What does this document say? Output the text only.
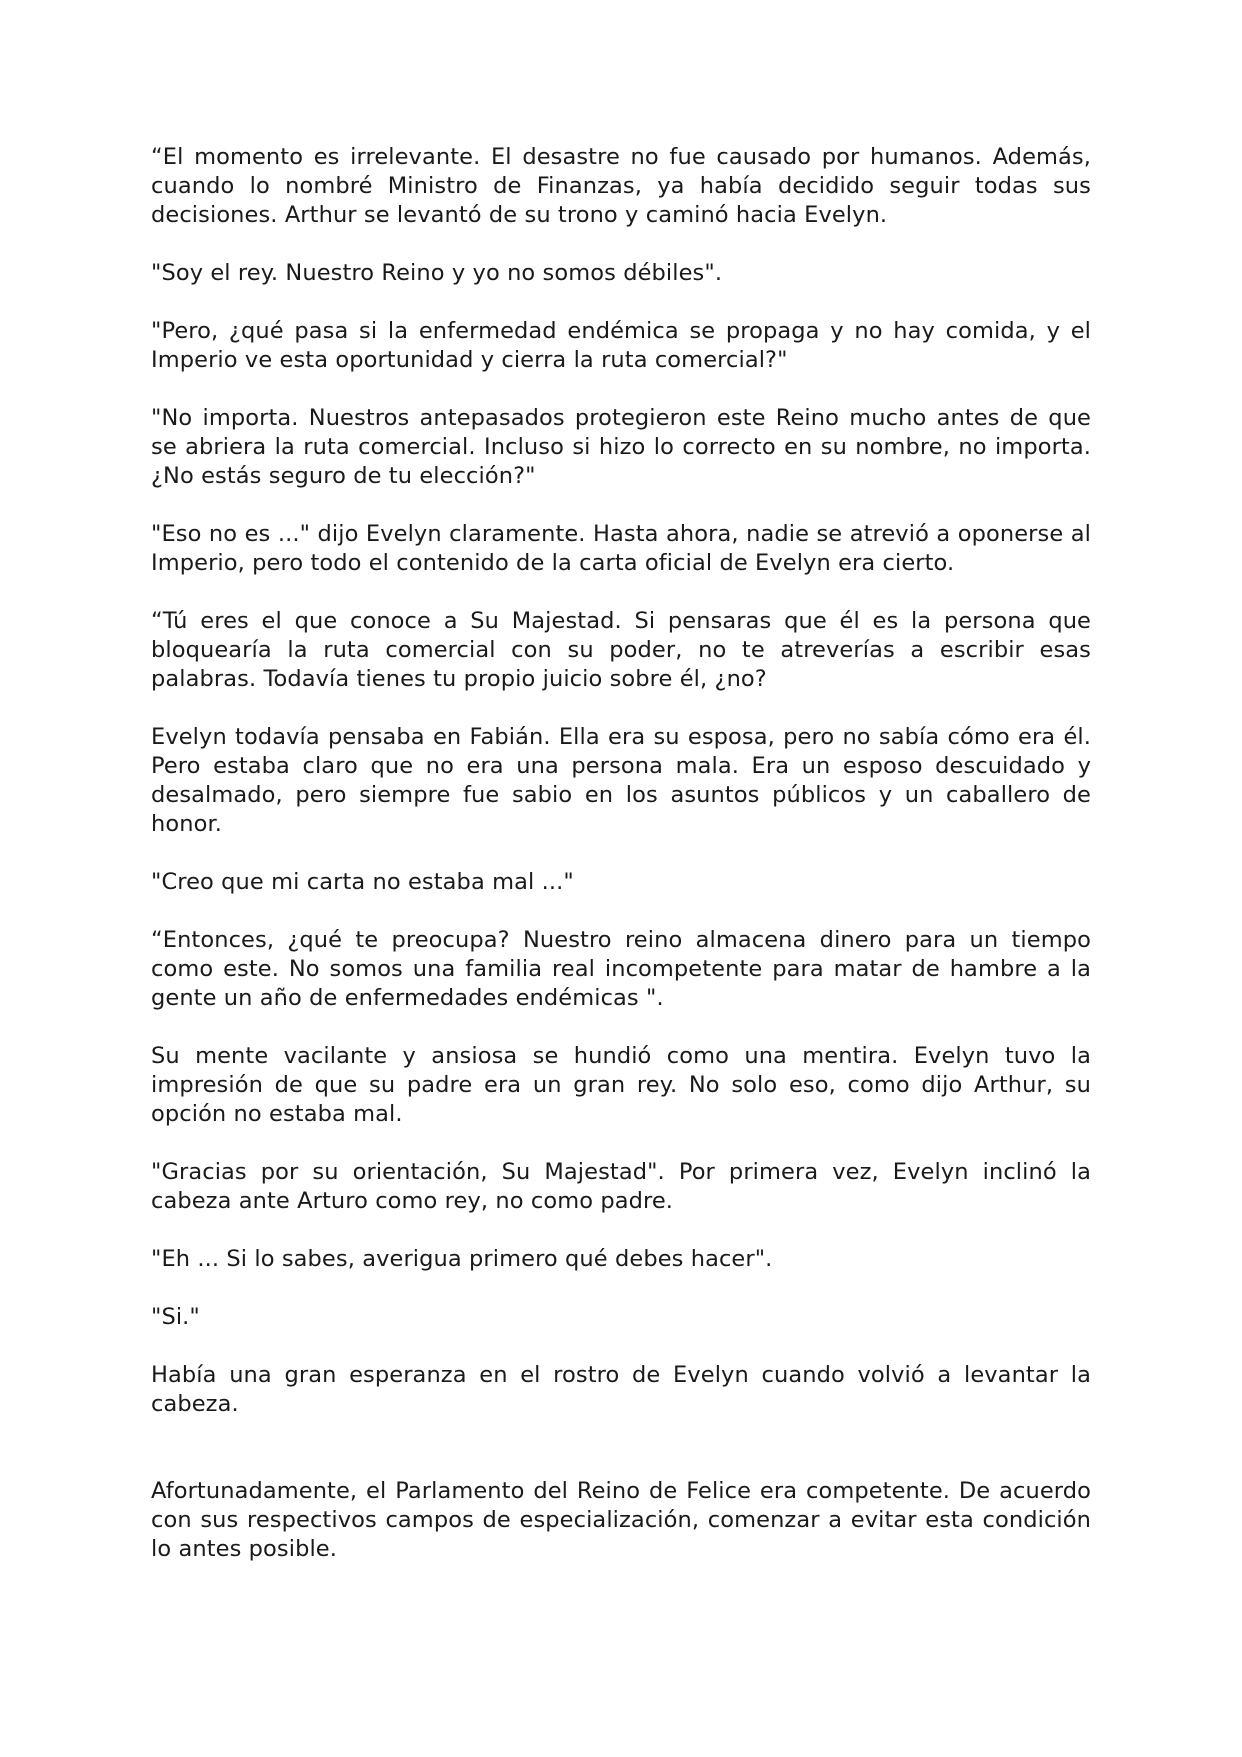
“El momento es irrelevante. El desastre no fue causado por humanos. Además, cuando lo nombré Ministro de Finanzas, ya había decidido seguir todas sus decisiones. Arthur se levantó de su trono y caminó hacia Evelyn.

"Soy el rey. Nuestro Reino y yo no somos débiles".

"Pero, ¿qué pasa si la enfermedad endémica se propaga y no hay comida, y el Imperio ve esta oportunidad y cierra la ruta comercial?"

"No importa. Nuestros antepasados protegieron este Reino mucho antes de que se abriera la ruta comercial. Incluso si hizo lo correcto en su nombre, no importa. ¿No estás seguro de tu elección?"

"Eso no es ..." dijo Evelyn claramente. Hasta ahora, nadie se atrevió a oponerse al Imperio, pero todo el contenido de la carta oficial de Evelyn era cierto.

“Tú eres el que conoce a Su Majestad. Si pensaras que él es la persona que bloquearía la ruta comercial con su poder, no te atreverías a escribir esas palabras. Todavía tienes tu propio juicio sobre él, ¿no?

Evelyn todavía pensaba en Fabián. Ella era su esposa, pero no sabía cómo era él. Pero estaba claro que no era una persona mala. Era un esposo descuidado y desalmado, pero siempre fue sabio en los asuntos públicos y un caballero de honor.

"Creo que mi carta no estaba mal ..."

“Entonces, ¿qué te preocupa? Nuestro reino almacena dinero para un tiempo como este. No somos una familia real incompetente para matar de hambre a la gente un año de enfermedades endémicas ".

Su mente vacilante y ansiosa se hundió como una mentira. Evelyn tuvo la impresión de que su padre era un gran rey. No solo eso, como dijo Arthur, su opción no estaba mal.

"Gracias por su orientación, Su Majestad". Por primera vez, Evelyn inclinó la cabeza ante Arturo como rey, no como padre.

"Eh ... Si lo sabes, averigua primero qué debes hacer".

"Si."

Había una gran esperanza en el rostro de Evelyn cuando volvió a levantar la cabeza.

Afortunadamente, el Parlamento del Reino de Felice era competente. De acuerdo con sus respectivos campos de especialización, comenzar a evitar esta condición lo antes posible.
